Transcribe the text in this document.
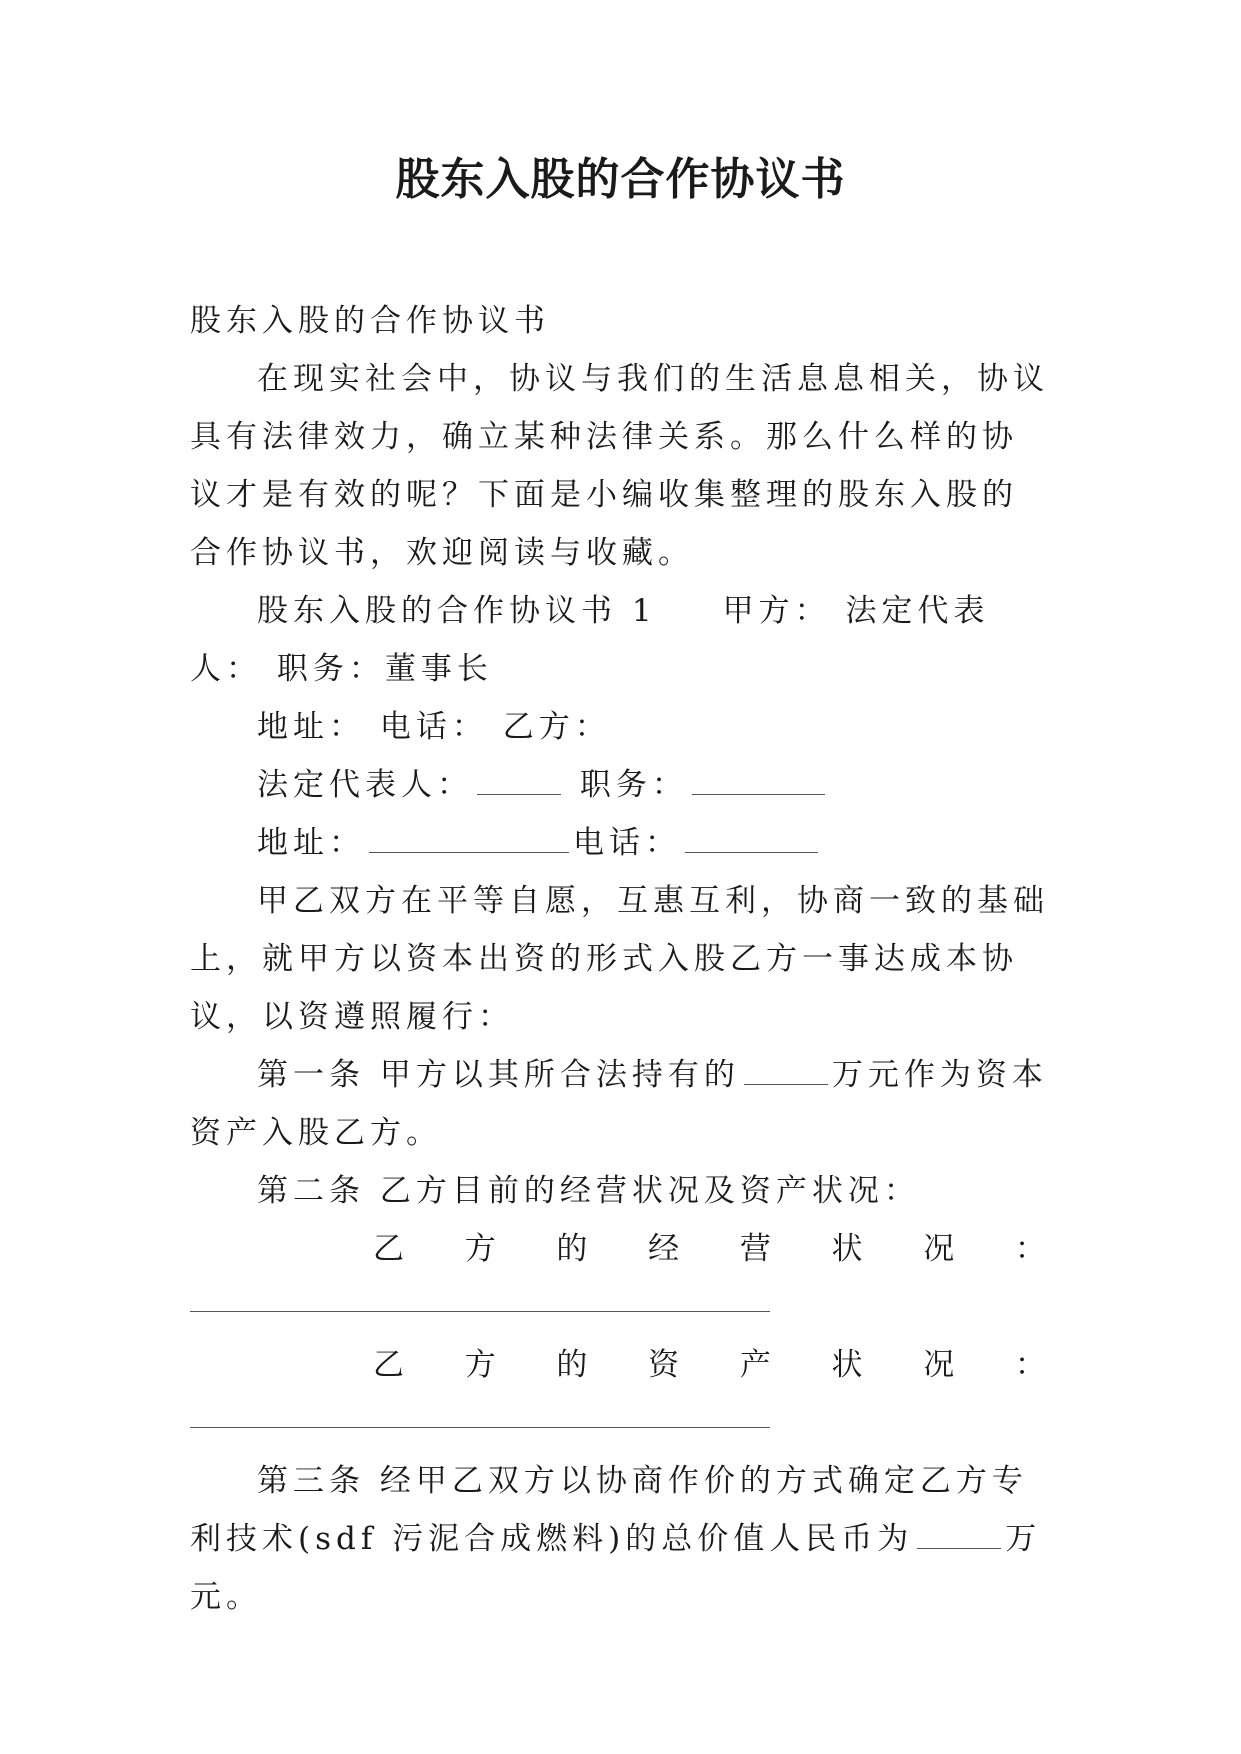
股东入股的合作协议书

股东入股的合作协议书

在现实社会中，协议与我们的生活息息相关，协议具有法律效力，确立某种法律关系。那么什么样的协议才是有效的呢？下面是小编收集整理的股东入股的合作协议书，欢迎阅读与收藏。

股东入股的合作协议书 1 甲方： 法定代表人： 职务：董事长

地址： 电话： 乙方：

法定代表人：	职务：

地址：	电话：

甲乙双方在平等自愿，互惠互利，协商一致的基础上，就甲方以资本出资的形式入股乙方一事达成本协议，以资遵照履行：

第一条 甲方以其所合法持有的	万元作为资本资产入股乙方。

第二条 乙方目前的经营状况及资产状况：

乙 方 的 经 营 状 况 ：
乙 方 的 资 产 状 况 ：

第三条 经甲乙双方以协商作价的方式确定乙方专利技术(sdf 污泥合成燃料)的总价值人民币为	万元。
